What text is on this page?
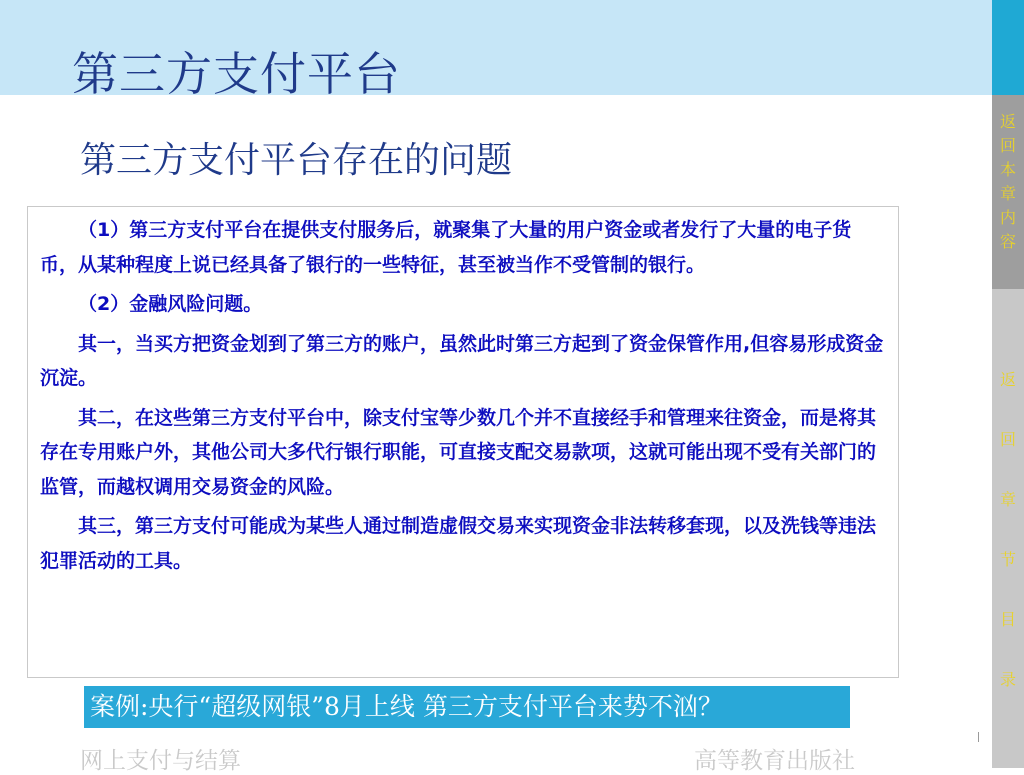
第三方支付平台
第三方支付平台存在的问题

（1）第三方支付平台在提供支付服务后，就聚集了大量的用户资金或者发行了大量的电子货币，从某种程度上说已经具备了银行的一些特征，甚至被当作不受管制的银行。

（2）金融风险问题。

其一，当买方把资金划到了第三方的账户，虽然此时第三方起到了资金保管作用,但容易形成资金沉淀。

其二，在这些第三方支付平台中，除支付宝等少数几个并不直接经手和管理来往资金，而是将其存在专用账户外，其他公司大多代行银行职能，可直接支配交易款项，这就可能出现不受有关部门的监管，而越权调用交易资金的风险。

其三，第三方支付可能成为某些人通过制造虚假交易来实现资金非法转移套现，以及洗钱等违法犯罪活动的工具。

案例:央行“超级网银”8月上线 第三方支付平台来势不汹？
网上支付与结算	高等教育出版社
返
回
本
章
内
容
返
回
章
节
目
录
